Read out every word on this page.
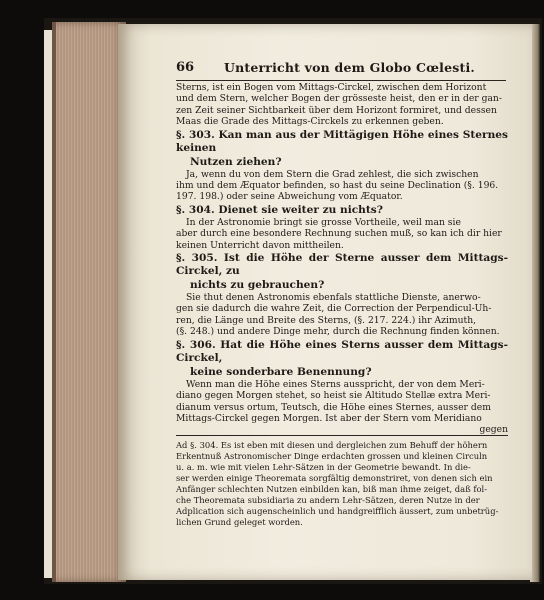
66 Unterricht von dem Globo Cœlesti.

Sterns, ist ein Bogen vom Mittags-Circkel, zwischen dem Horizont

und dem Stern, welcher Bogen der grösseste heist, den er in der gan-

zen Zeit seiner Sichtbarkeit über dem Horizont formiret, und dessen

Maas die Grade des Mittags-Circkels zu erkennen geben.

§. 303. Kan man aus der Mittägigen Höhe eines Sternes keinen

Nutzen ziehen?

Ja, wenn du von dem Stern die Grad zehlest, die sich zwischen

ihm und dem Æquator befinden, so hast du seine Declination (§. 196.

197. 198.) oder seine Abweichung vom Æquator.

§. 304. Dienet sie weiter zu nichts?

In der Astronomie bringt sie grosse Vortheile, weil man sie

aber durch eine besondere Rechnung suchen muß, so kan ich dir hier

keinen Unterricht davon mittheilen.

§. 305. Ist die Höhe der Sterne ausser dem Mittags-Circkel, zu

nichts zu gebrauchen?

Sie thut denen Astronomis ebenfals stattliche Dienste, anerwo-

gen sie dadurch die wahre Zeit, die Correction der Perpendicul-Uh-

ren, die Länge und Breite des Sterns, (§. 217. 224.) ihr Azimuth,

(§. 248.) und andere Dinge mehr, durch die Rechnung finden können.

§. 306. Hat die Höhe eines Sterns ausser dem Mittags-Circkel,

keine sonderbare Benennung?

Wenn man die Höhe eines Sterns ausspricht, der von dem Meri-

diano gegen Morgen stehet, so heist sie Altitudo Stellæ extra Meri-

dianum versus ortum, Teutsch, die Höhe eines Sternes, ausser dem

Mittags-Circkel gegen Morgen. Ist aber der Stern vom Meridiano

gegen

Ad §. 304. Es ist eben mit diesen und dergleichen zum Behuff der höhern

Erkentnuß Astronomischer Dinge erdachten grossen und kleinen Circuln

u. a. m. wie mit vielen Lehr-Sätzen in der Geometrie bewandt. In die-

ser werden einige Theoremata sorgfältig demonstriret, von denen sich ein

Anfänger schlechten Nutzen einbilden kan, biß man ihme zeiget, daß fol-

che Theoremata subsidiaria zu andern Lehr-Sätzen, deren Nutze in der

Adplication sich augenscheinlich und handgreifflich äussert, zum unbetrüg-

lichen Grund geleget worden.
